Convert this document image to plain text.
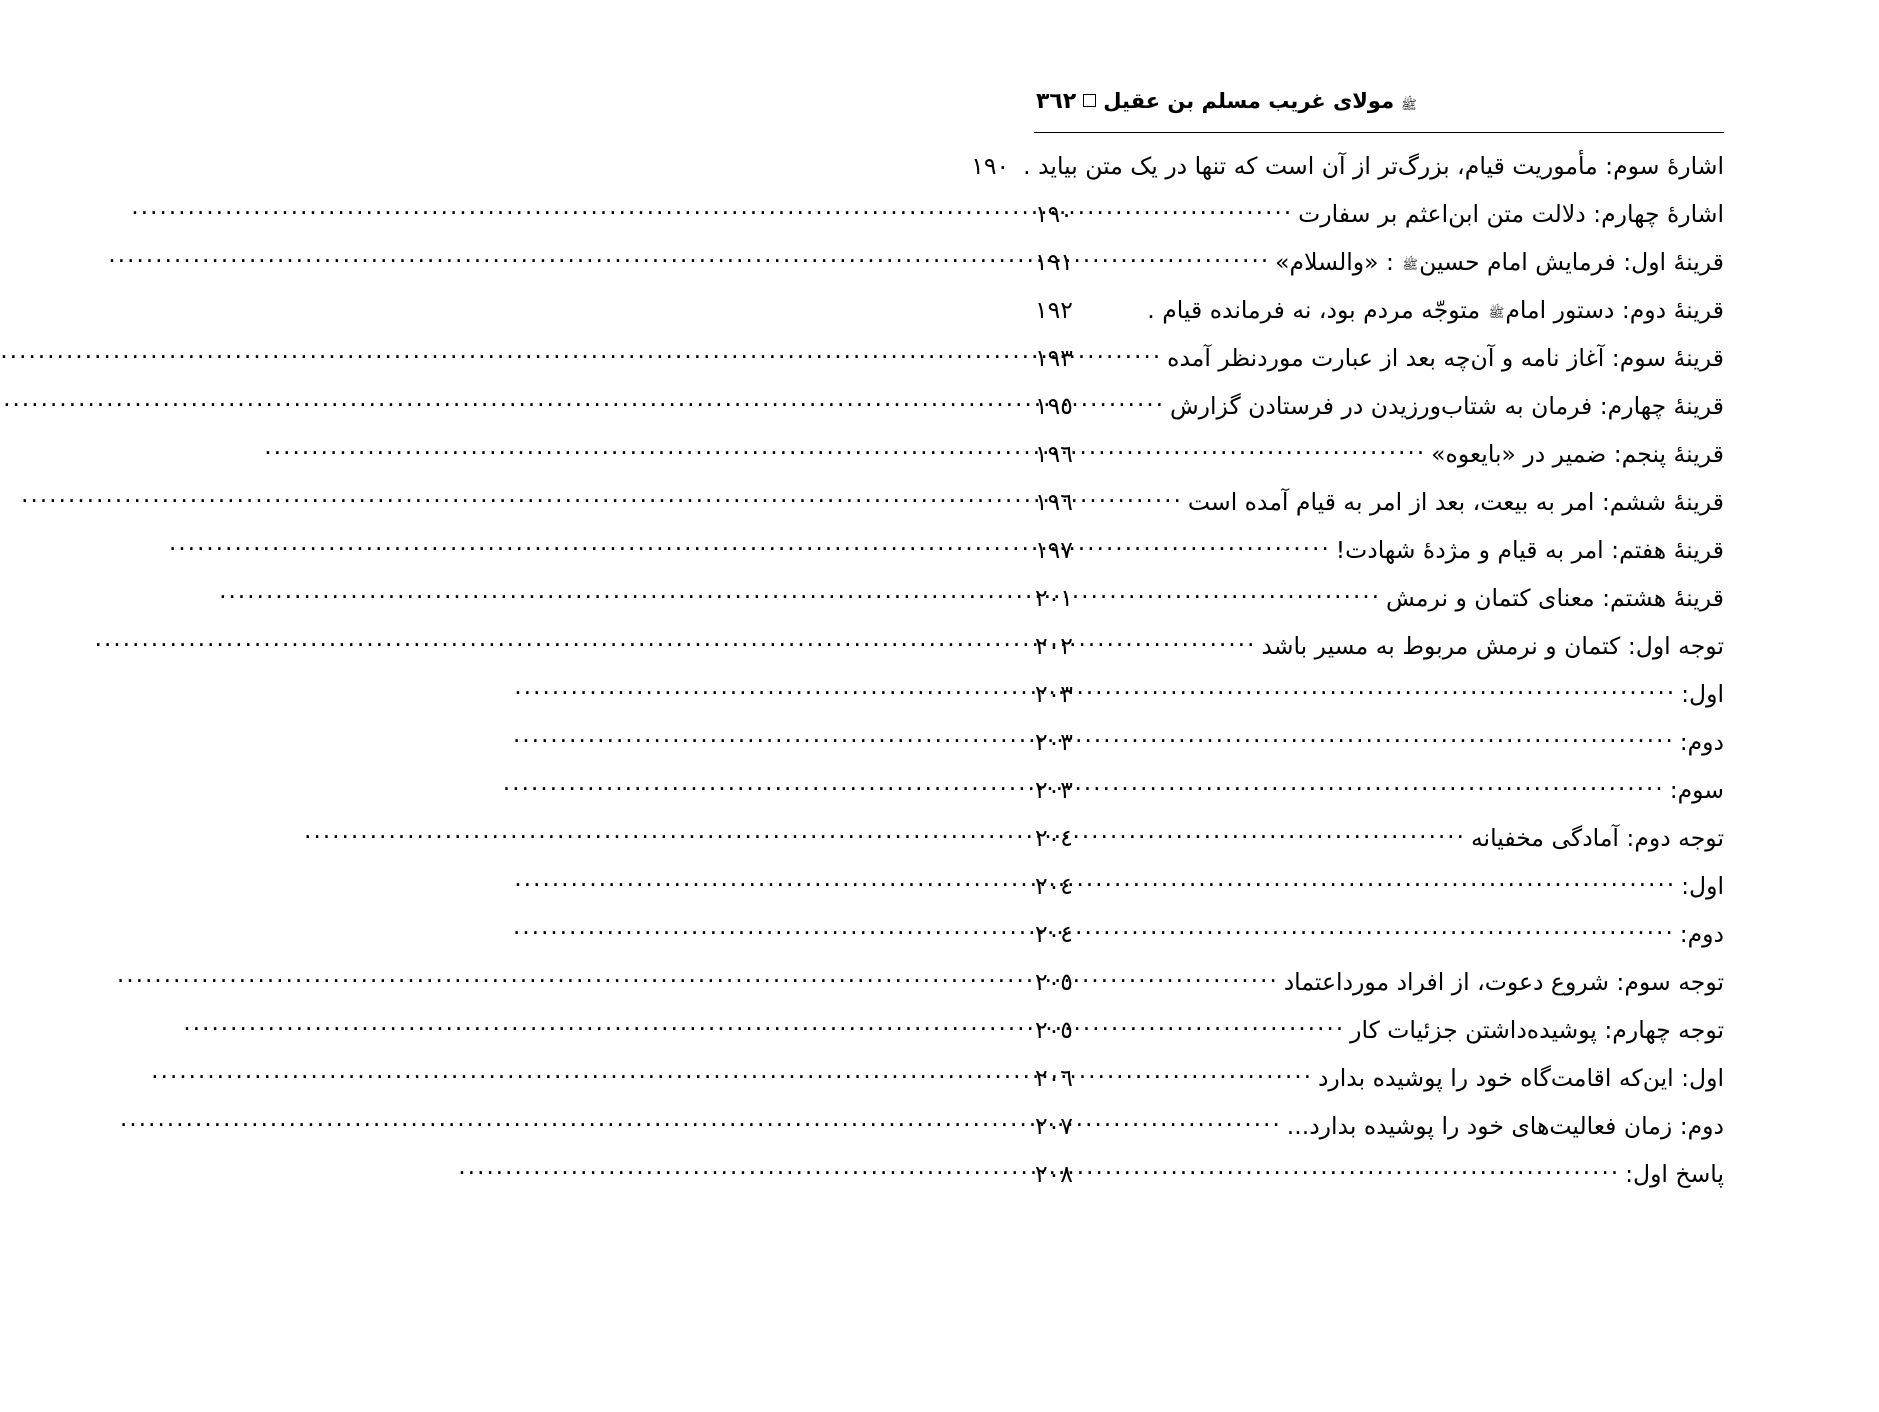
٣٦٢ مولای غریب مسلم بن عقیل ﷺ
اشارهٔ سوم: مأموریت قیام، بزرگ‌تر از آن است که تنها در یک متن بیاید .
١٩٠
اشارهٔ چهارم: دلالت متن ابن‌اعثم بر سفارت
.....
١٩٠
قرینهٔ اول: فرمایش امام حسینﷺ : «والسلام»
.....
١٩١
قرینهٔ دوم: دستور امامﷺ متوجّه مردم بود، نه فرمانده قیام .
١٩٢
قرینهٔ سوم: آغاز نامه و آن‌چه بعد از عبارت موردنظر آمده
.....
١٩٣
قرینهٔ چهارم: فرمان به شتاب‌ورزیدن در فرستادن گزارش
.....
١٩٥
قرینهٔ پنجم: ضمیر در «بایعوه»
.....
١٩٦
قرینهٔ ششم: امر به بیعت، بعد از امر به قیام آمده است
.....
١٩٦
قرینهٔ هفتم: امر به قیام و مژدهٔ شهادت!
.....
١٩٧
قرینهٔ هشتم: معنای کتمان و نرمش
.....
٢٠١
توجه اول: کتمان و نرمش مربوط به مسیر باشد
.....
٢٠٢
اول:
.....
٢٠٣
دوم:
.....
٢٠٣
سوم:
.....
٢٠٣
توجه دوم: آمادگی مخفیانه
.....
٢٠٤
اول:
.....
٢٠٤
دوم:
.....
٢٠٤
توجه سوم: شروع دعوت، از افراد مورداعتماد
.....
٢٠٥
توجه چهارم: پوشیده‌داشتن جزئیات کار
.....
٢٠٥
اول: این‌که اقامت‌گاه خود را پوشیده بدارد
.....
٢٠٦
دوم: زمان فعالیت‌های خود را پوشیده بدارد...
.....
٢٠٧
پاسخ اول:
.....
٢٠٨
